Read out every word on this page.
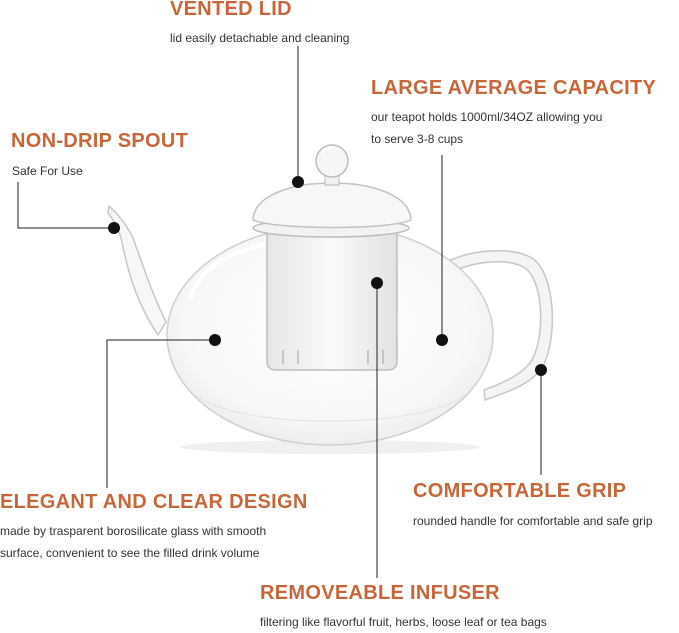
VENTED LID

lid easily detachable and cleaning

LARGE AVERAGE CAPACITY

our teapot holds 1000ml/34OZ allowing you

to serve 3-8 cups

NON-DRIP SPOUT

Safe For Use

ELEGANT AND CLEAR DESIGN

made by trasparent borosilicate glass with smooth

surface, convenient to see the filled drink volume

COMFORTABLE GRIP

rounded handle for comfortable and safe grip

REMOVEABLE INFUSER

filtering like flavorful fruit, herbs, loose leaf or tea bags
